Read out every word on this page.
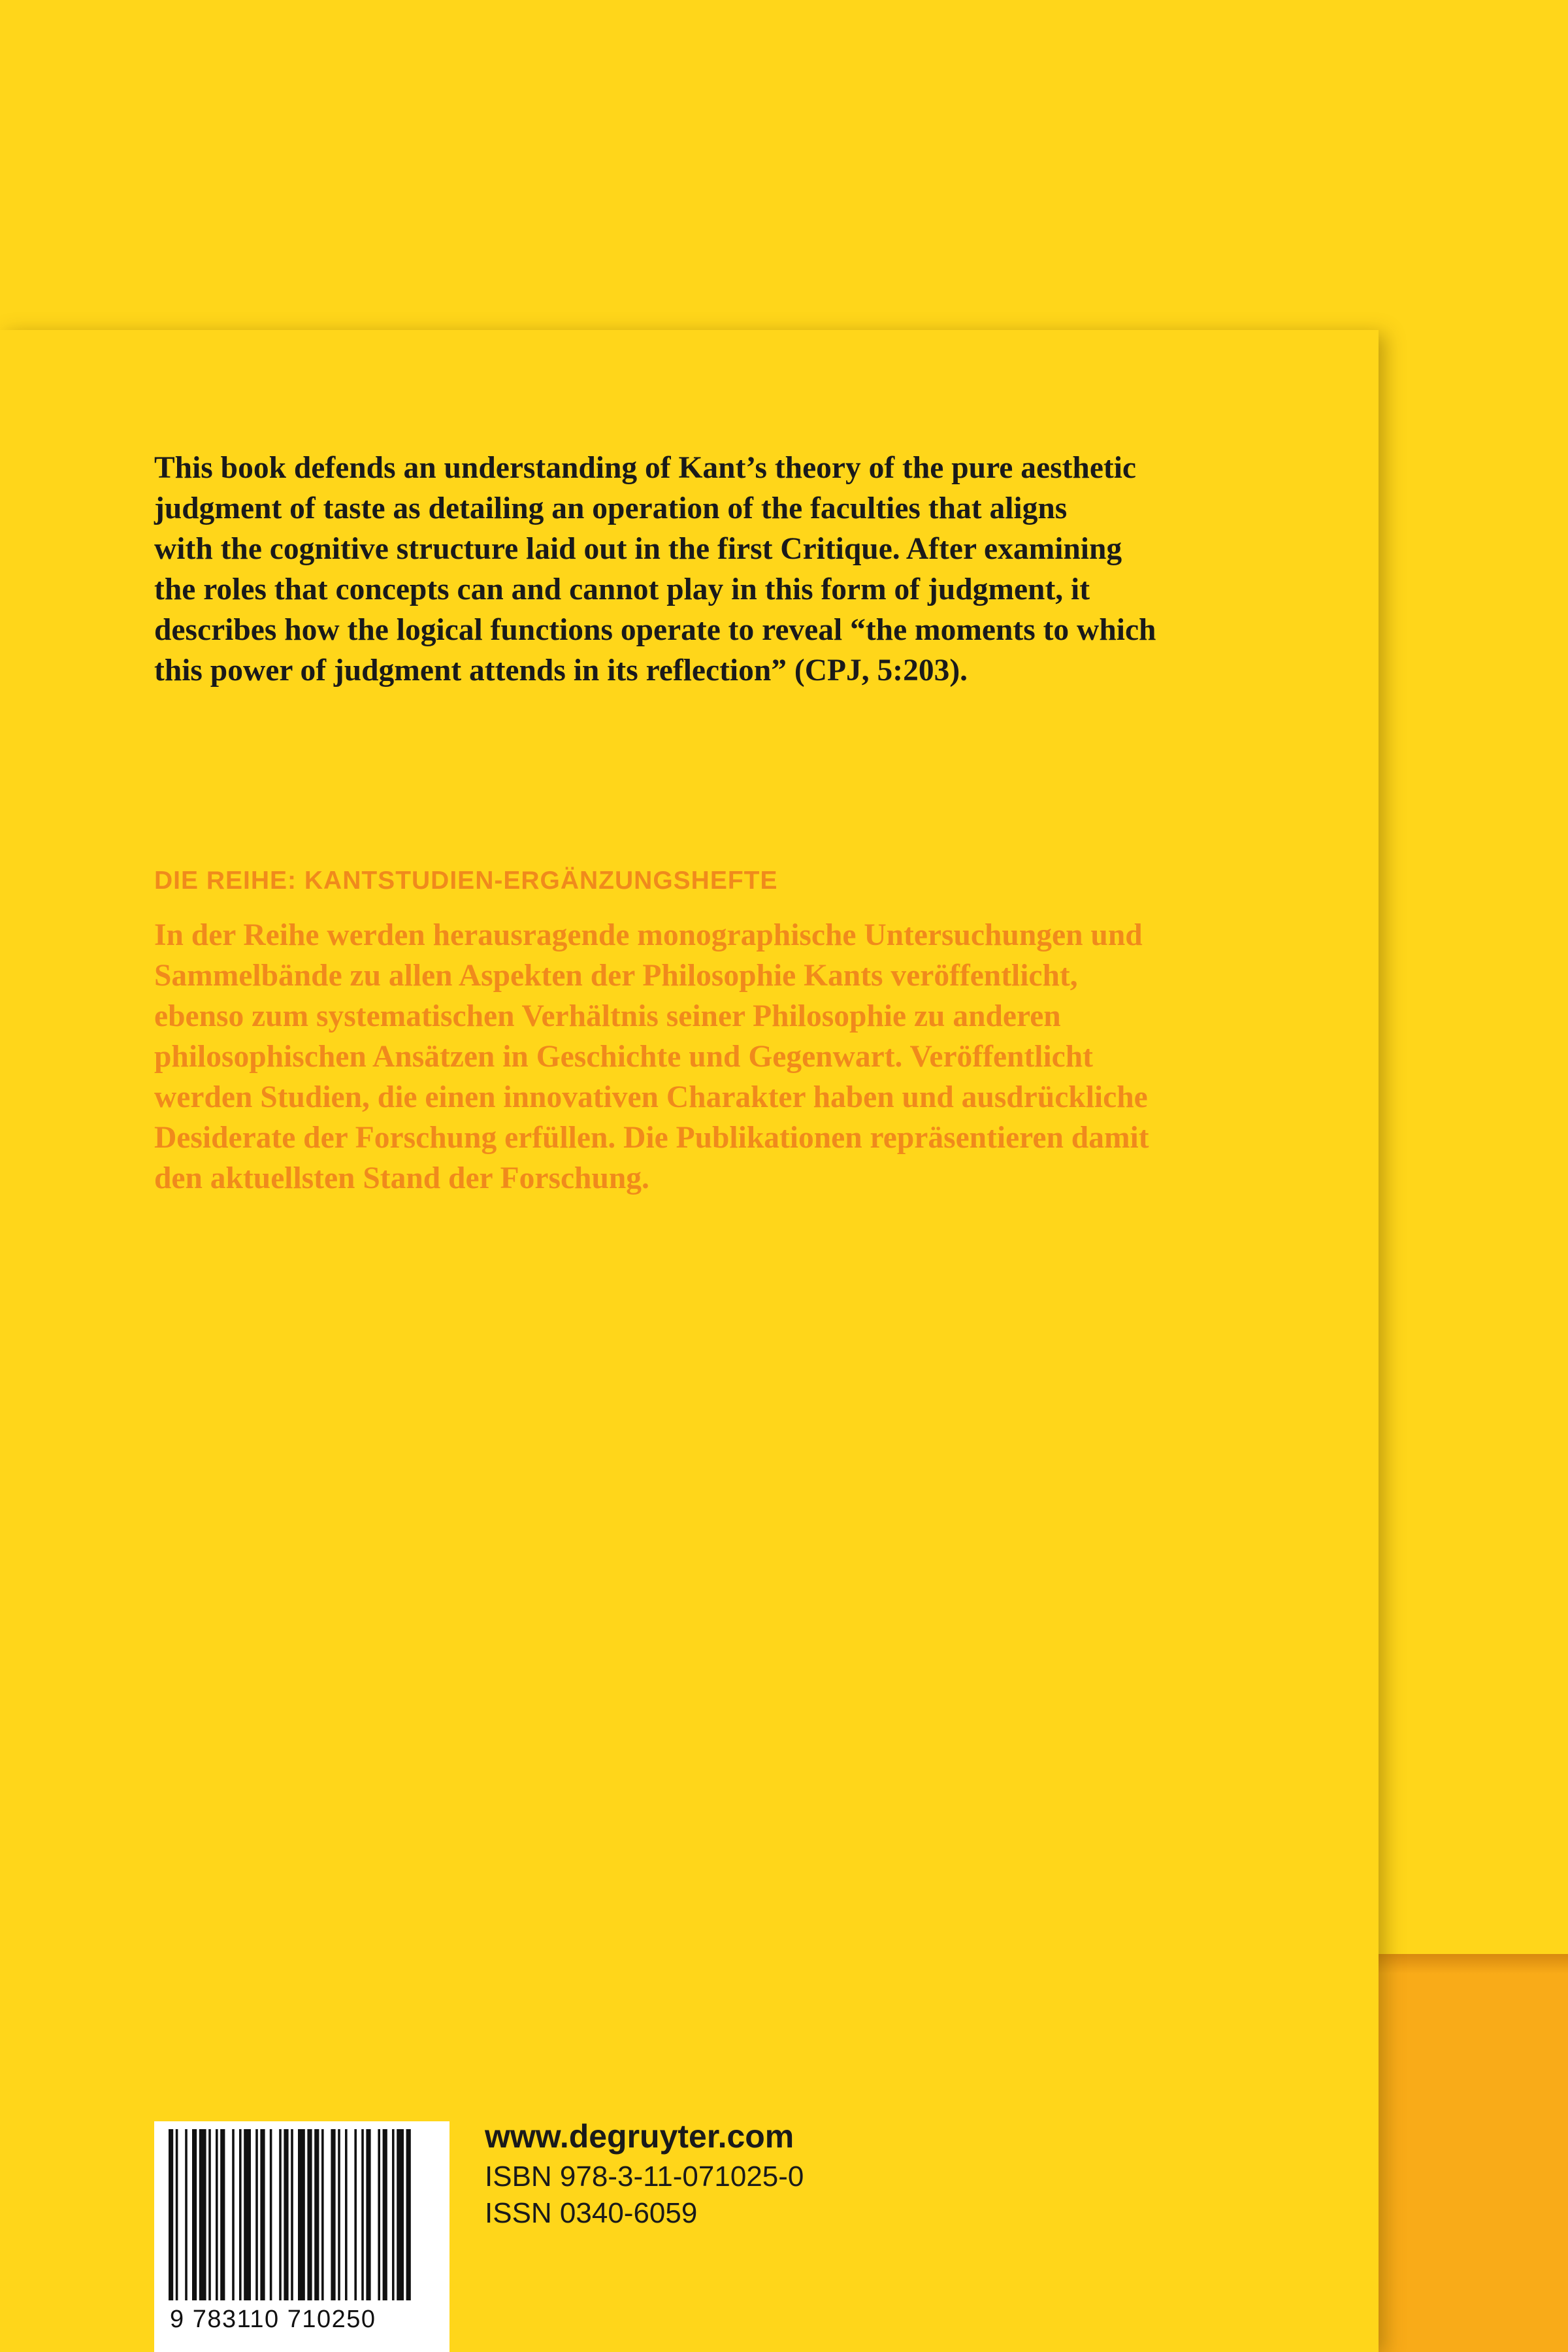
This book defends an understanding of Kant’s theory of the pure aesthetic
judgment of taste as detailing an operation of the faculties that aligns
with the cognitive structure laid out in the first Critique. After examining
the roles that concepts can and cannot play in this form of judgment, it
describes how the logical functions operate to reveal “the moments to which
this power of judgment attends in its reflection” (CPJ, 5:203).

DIE REIHE: KANTSTUDIEN-ERGÄNZUNGSHEFTE

In der Reihe werden herausragende monographische Untersuchungen und
Sammelbände zu allen Aspekten der Philosophie Kants veröffentlicht,
ebenso zum systematischen Verhältnis seiner Philosophie zu anderen
philosophischen Ansätzen in Geschichte und Gegenwart. Veröffentlicht
werden Studien, die einen innovativen Charakter haben und ausdrückliche
Desiderate der Forschung erfüllen. Die Publikationen repräsentieren damit
den aktuellsten Stand der Forschung.

9 783110 710250

www.degruyter.com

ISBN 978-3-11-071025-0

ISSN 0340-6059
